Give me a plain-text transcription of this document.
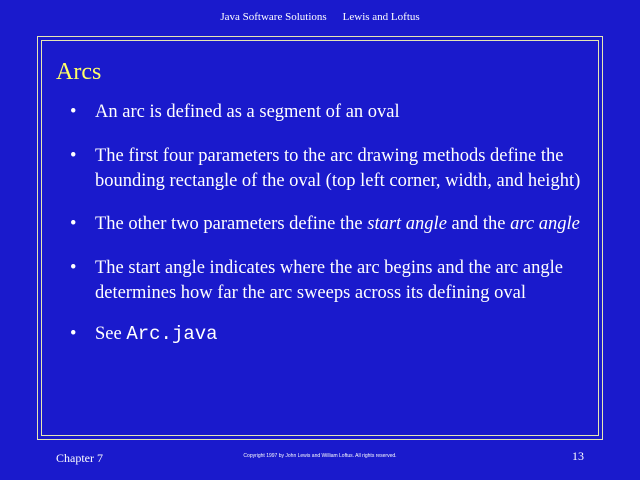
Java Software Solutions Lewis and Loftus
Arcs
• An arc is defined as a segment of an oval
• The first four parameters to the arc drawing methods define the bounding rectangle of the oval (top left corner, width, and height)
• The other two parameters define the start angle and the arc angle
• The start angle indicates where the arc begins and the arc angle determines how far the arc sweeps across its defining oval
• See Arc.java
Chapter 7	Copyright 1997 by John Lewis and William Loftus. All rights reserved.	13
